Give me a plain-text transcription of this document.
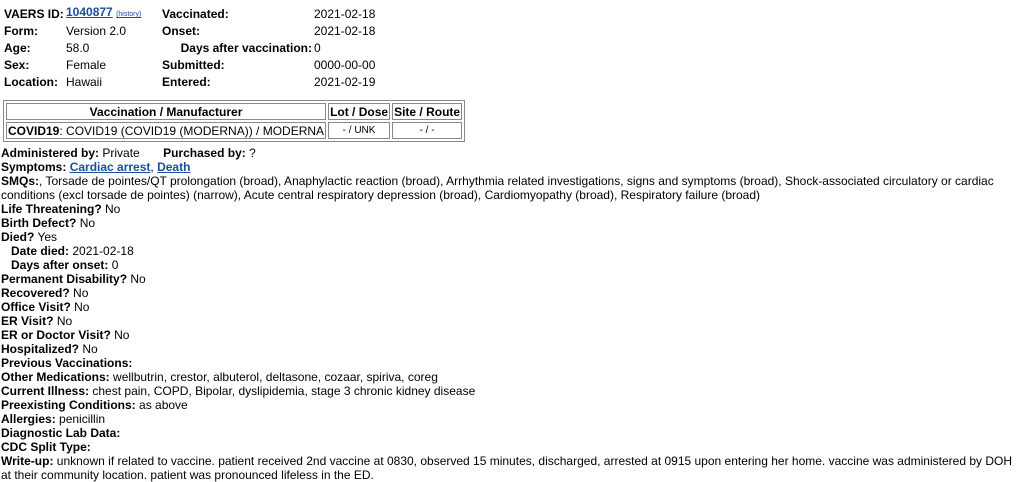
VAERS ID:	1040877 (history)	Vaccinated:	2021-02-18
Form:	Version 2.0	Onset:	2021-02-18
Age:	58.0	Days after vaccination:	0
Sex:	Female	Submitted:	0000-00-00
Location:	Hawaii	Entered:	2021-02-19
Vaccination / Manufacturer	Lot / Dose	Site / Route
COVID19: COVID19 (COVID19 (MODERNA)) / MODERNA	- / UNK	- / -
Administered by: Private Purchased by: ?
Symptoms: Cardiac arrest, Death
SMQs:, Torsade de pointes/QT prolongation (broad), Anaphylactic reaction (broad), Arrhythmia related investigations, signs and symptoms (broad), Shock-associated circulatory or cardiac conditions (excl torsade de pointes) (narrow), Acute central respiratory depression (broad), Cardiomyopathy (broad), Respiratory failure (broad)
Life Threatening? No
Birth Defect? No
Died? Yes
Date died: 2021-02-18
Days after onset: 0
Permanent Disability? No
Recovered? No
Office Visit? No
ER Visit? No
ER or Doctor Visit? No
Hospitalized? No
Previous Vaccinations:
Other Medications: wellbutrin, crestor, albuterol, deltasone, cozaar, spiriva, coreg
Current Illness: chest pain, COPD, Bipolar, dyslipidemia, stage 3 chronic kidney disease
Preexisting Conditions: as above
Allergies: penicillin
Diagnostic Lab Data:
CDC Split Type:
Write-up: unknown if related to vaccine. patient received 2nd vaccine at 0830, observed 15 minutes, discharged, arrested at 0915 upon entering her home. vaccine was administered by DOH at their community location. patient was pronounced lifeless in the ED.
